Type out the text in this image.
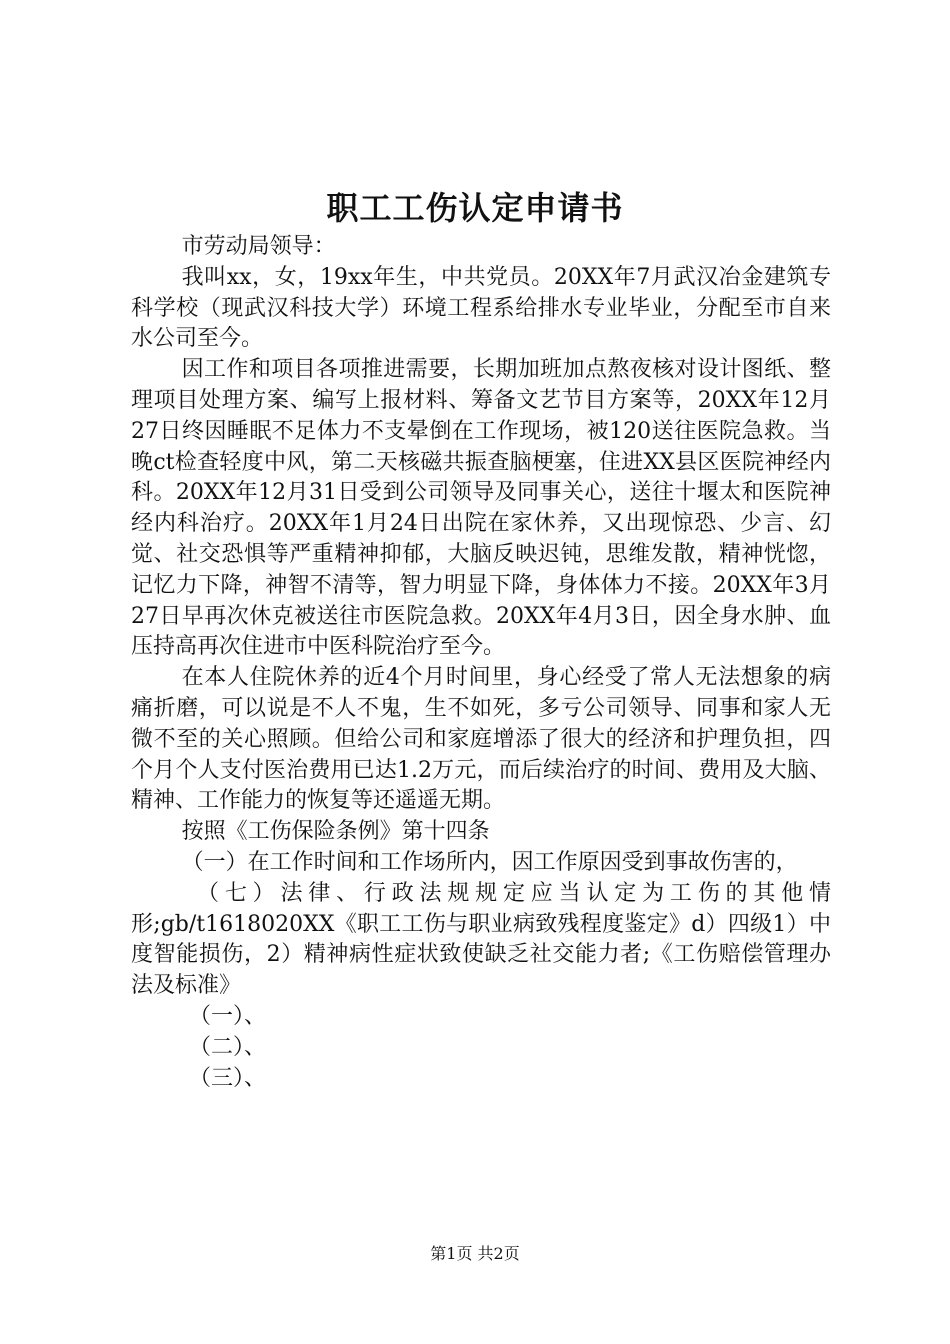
职工工伤认定申请书

市劳动局领导：

我叫xx，女，19xx年生，中共党员。20XX年7月武汉冶金建筑专科学校（现武汉科技大学）环境工程系给排水专业毕业，分配至市自来水公司至今。

因工作和项目各项推进需要，长期加班加点熬夜核对设计图纸、整理项目处理方案、编写上报材料、筹备文艺节目方案等，20XX年12月27日终因睡眠不足体力不支晕倒在工作现场，被120送往医院急救。当晚ct检查轻度中风，第二天核磁共振查脑梗塞，住进XX县区医院神经内科。20XX年12月31日受到公司领导及同事关心，送往十堰太和医院神经内科治疗。20XX年1月24日出院在家休养，又出现惊恐、少言、幻觉、社交恐惧等严重精神抑郁，大脑反映迟钝，思维发散，精神恍惚，记忆力下降，神智不清等，智力明显下降，身体体力不接。20XX年3月27日早再次休克被送往市医院急救。20XX年4月3日，因全身水肿、血压持高再次住进市中医科院治疗至今。

在本人住院休养的近4个月时间里，身心经受了常人无法想象的病痛折磨，可以说是不人不鬼，生不如死，多亏公司领导、同事和家人无微不至的关心照顾。但给公司和家庭增添了很大的经济和护理负担，四个月个人支付医治费用已达1.2万元，而后续治疗的时间、费用及大脑、精神、工作能力的恢复等还遥遥无期。

按照《工伤保险条例》第十四条

（一）在工作时间和工作场所内，因工作原因受到事故伤害的，

（七）法律、行政法规规定应当认定为工伤的其他情形;gb/t1618020XX《职工工伤与职业病致残程度鉴定》d）四级1）中度智能损伤，2）精神病性症状致使缺乏社交能力者;《工伤赔偿管理办法及标准》

（一）、

（二）、

（三）、

第1页 共2页
